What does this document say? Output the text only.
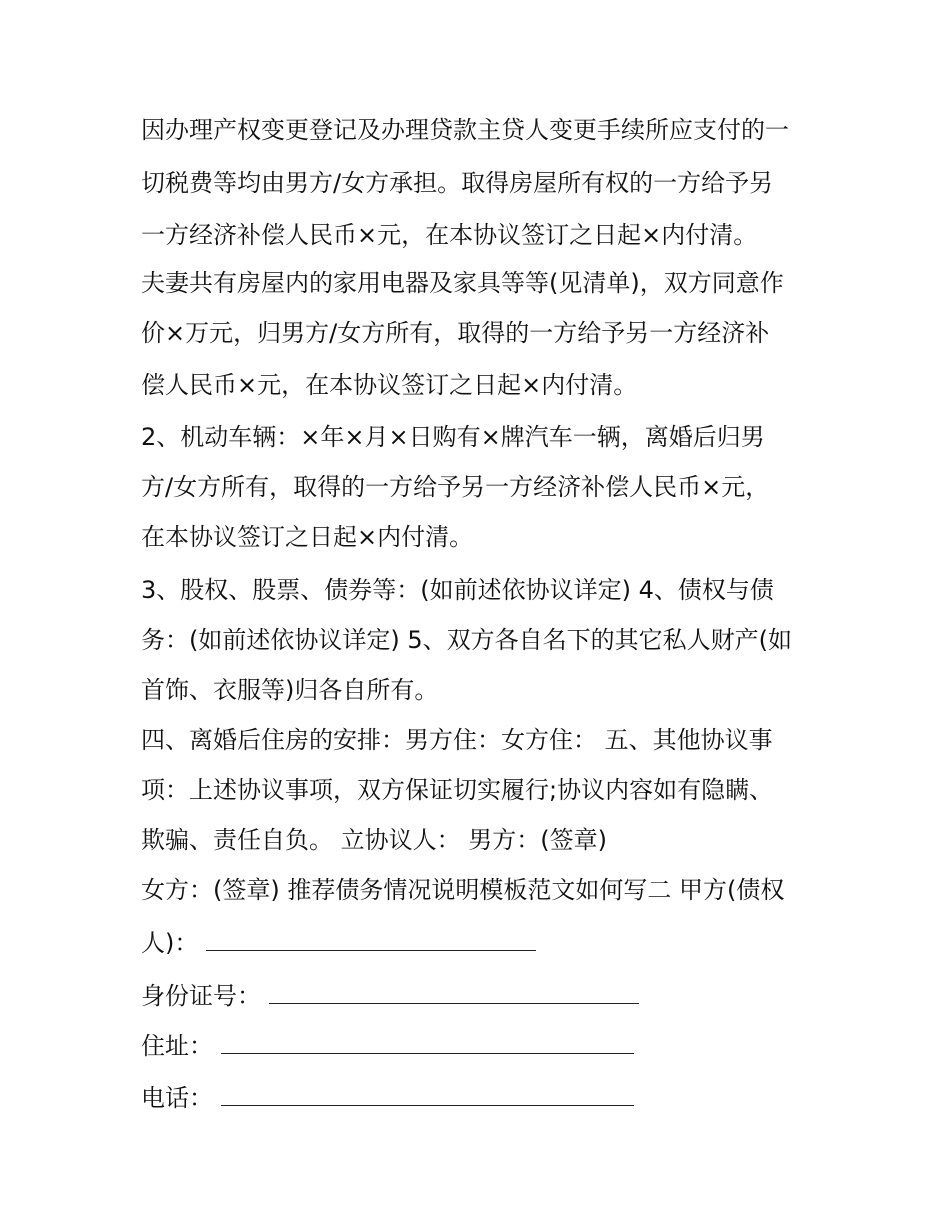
因办理产权变更登记及办理贷款主贷人变更手续所应支付的一
切税费等均由男方/女方承担。取得房屋所有权的一方给予另
一方经济补偿人民币×元，在本协议签订之日起×内付清。
夫妻共有房屋内的家用电器及家具等等(见清单)，双方同意作
价×万元，归男方/女方所有，取得的一方给予另一方经济补
偿人民币×元，在本协议签订之日起×内付清。
2、机动车辆：×年×月×日购有×牌汽车一辆，离婚后归男
方/女方所有，取得的一方给予另一方经济补偿人民币×元，
在本协议签订之日起×内付清。
3、股权、股票、债券等：(如前述依协议详定) 4、债权与债
务：(如前述依协议详定) 5、双方各自名下的其它私人财产(如
首饰、衣服等)归各自所有。
四、离婚后住房的安排：男方住：女方住： 五、其他协议事
项：上述协议事项，双方保证切实履行;协议内容如有隐瞒、
欺骗、责任自负。 立协议人： 男方：(签章)
女方：(签章) 推荐债务情况说明模板范文如何写二 甲方(债权
人)：
身份证号：
住址：
电话：
